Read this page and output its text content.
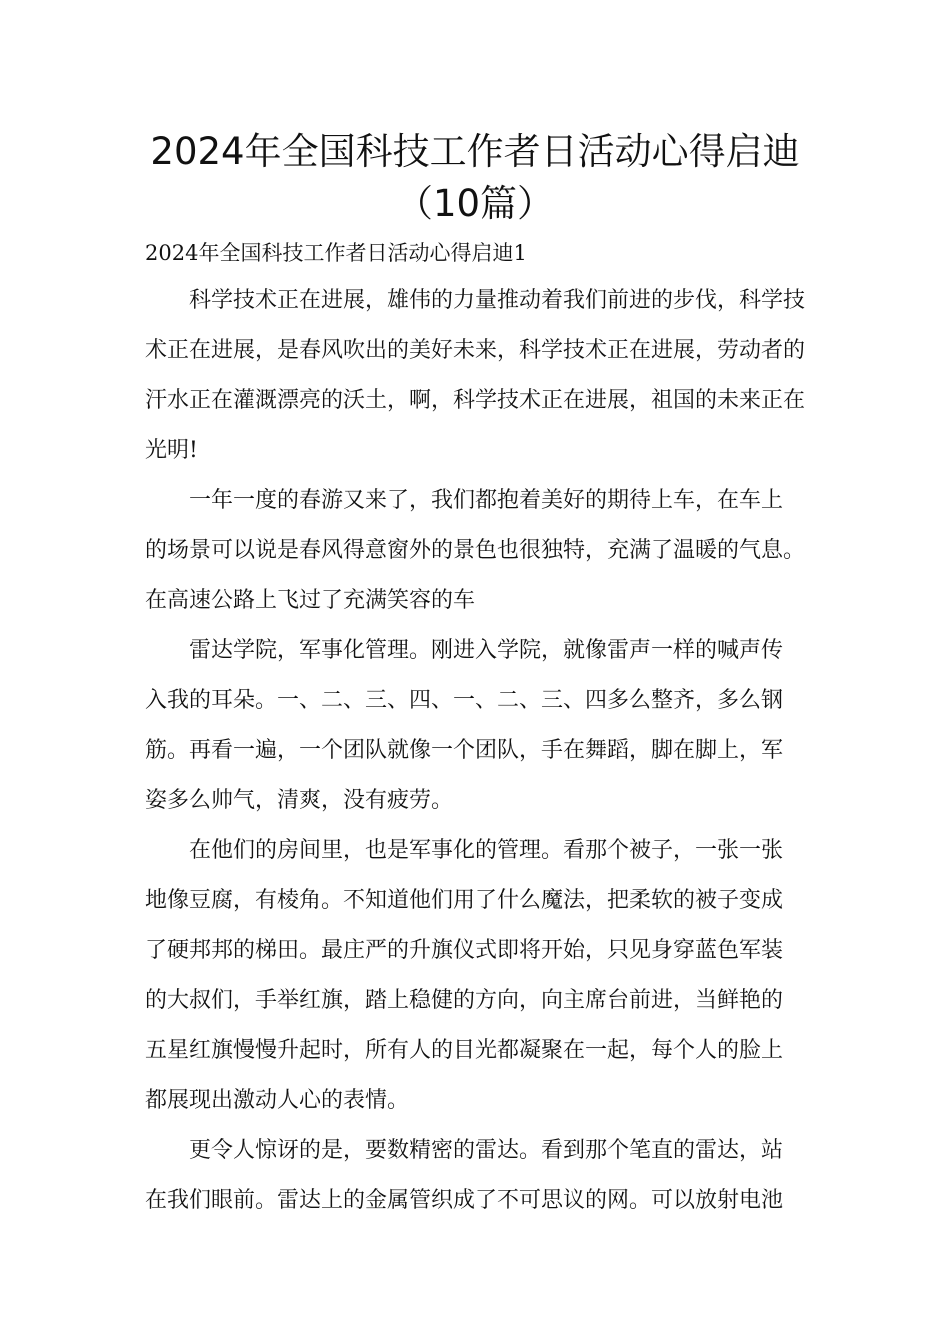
2024年全国科技工作者日活动心得启迪
（10篇）
2024年全国科技工作者日活动心得启迪1

科学技术正在进展，雄伟的力量推动着我们前进的步伐，科学技术正在进展，是春风吹出的美好未来，科学技术正在进展，劳动者的汗水正在灌溉漂亮的沃土，啊，科学技术正在进展，祖国的未来正在光明!

一年一度的春游又来了，我们都抱着美好的期待上车，在车上
的场景可以说是春风得意窗外的景色也很独特，充满了温暖的气息。
在高速公路上飞过了充满笑容的车

雷达学院，军事化管理。刚进入学院，就像雷声一样的喊声传
入我的耳朵。一、二、三、四、一、二、三、四多么整齐，多么钢
筋。再看一遍，一个团队就像一个团队，手在舞蹈，脚在脚上，军
姿多么帅气，清爽，没有疲劳。

在他们的房间里，也是军事化的管理。看那个被子，一张一张
地像豆腐，有棱角。不知道他们用了什么魔法，把柔软的被子变成
了硬邦邦的梯田。最庄严的升旗仪式即将开始，只见身穿蓝色军装
的大叔们，手举红旗，踏上稳健的方向，向主席台前进，当鲜艳的
五星红旗慢慢升起时，所有人的目光都凝聚在一起，每个人的脸上
都展现出激动人心的表情。

更令人惊讶的是，要数精密的雷达。看到那个笔直的雷达，站
在我们眼前。雷达上的金属管织成了不可思议的网。可以放射电池
